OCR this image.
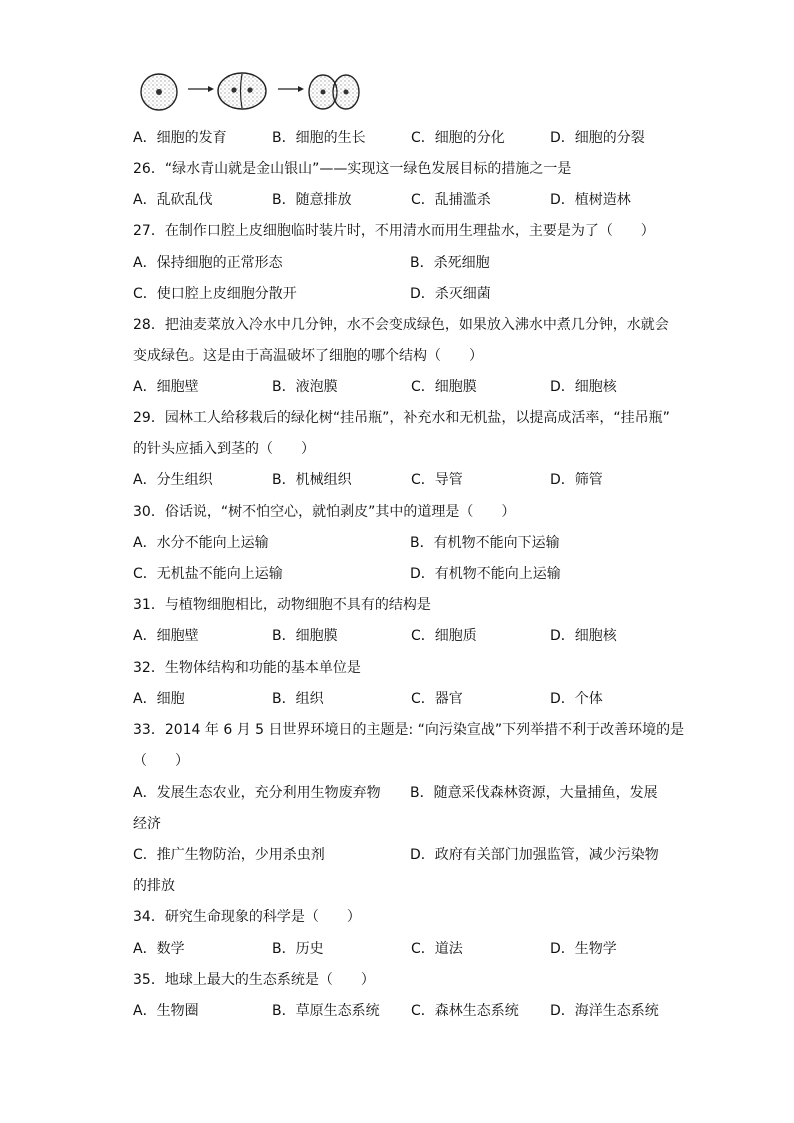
A．细胞的发育	B．细胞的生长	C．细胞的分化	D．细胞的分裂
26．“绿水青山就是金山银山”——实现这一绿色发展目标的措施之一是
A．乱砍乱伐	B．随意排放	C．乱捕滥杀	D．植树造林
27．在制作口腔上皮细胞临时装片时，不用清水而用生理盐水，主要是为了（　　）
A．保持细胞的正常形态	B．杀死细胞
C．使口腔上皮细胞分散开	D．杀灭细菌
28．把油麦菜放入冷水中几分钟，水不会变成绿色，如果放入沸水中煮几分钟，水就会
变成绿色。这是由于高温破坏了细胞的哪个结构（　　）
A．细胞壁	B．液泡膜	C．细胞膜	D．细胞核
29．园林工人给移栽后的绿化树“挂吊瓶”，补充水和无机盐，以提高成活率，“挂吊瓶”
的针头应插入到茎的（　　）
A．分生组织	B．机械组织	C．导管	D．筛管
30．俗话说，“树不怕空心，就怕剥皮”其中的道理是（　　）
A．水分不能向上运输	B．有机物不能向下运输
C．无机盐不能向上运输	D．有机物不能向上运输
31．与植物细胞相比，动物细胞不具有的结构是
A．细胞壁	B．细胞膜	C．细胞质	D．细胞核
32．生物体结构和功能的基本单位是
A．细胞	B．组织	C．器官	D．个体
33．2014 年 6 月 5 日世界环境日的主题是: “向污染宣战”下列举措不利于改善环境的是
（　　）
A．发展生态农业，充分利用生物废弃物	B．随意采伐森林资源，大量捕鱼，发展
经济
C．推广生物防治，少用杀虫剂	D．政府有关部门加强监管，减少污染物
的排放
34．研究生命现象的科学是（　　）
A．数学	B．历史	C．道法	D．生物学
35．地球上最大的生态系统是（　　）
A．生物圈	B．草原生态系统	C．森林生态系统	D．海洋生态系统
